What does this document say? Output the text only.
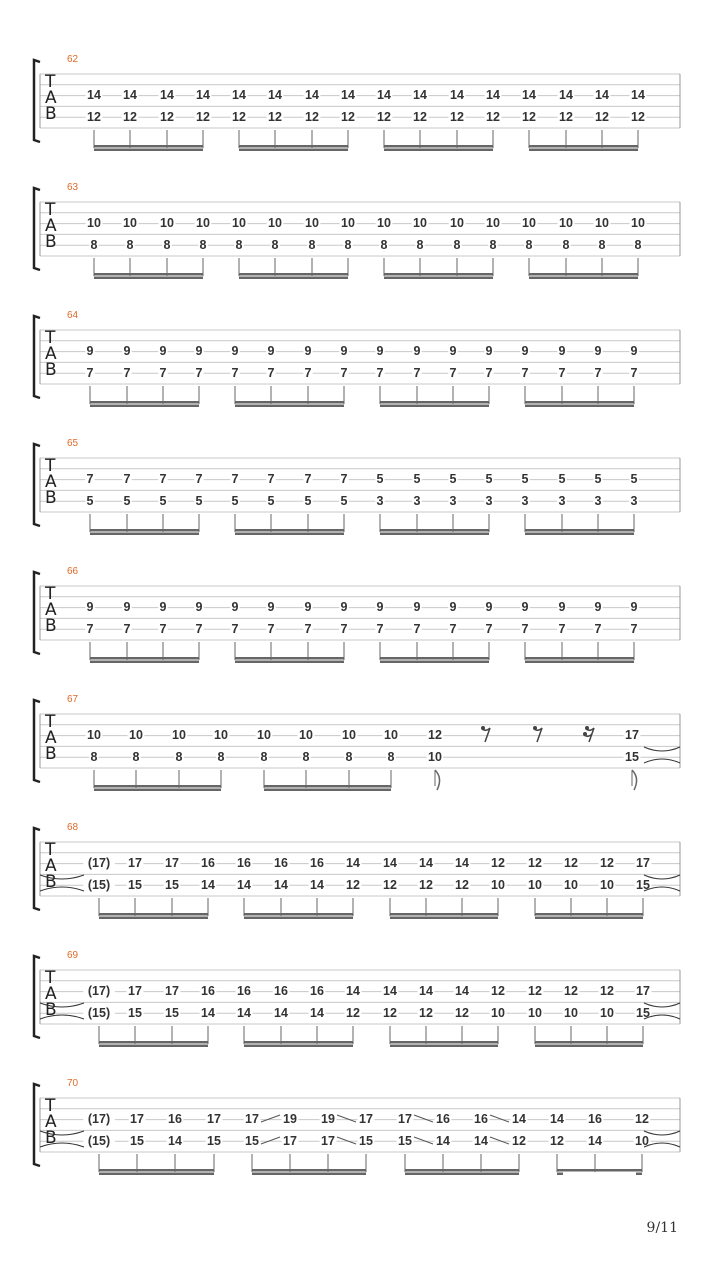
62
T
A
B
14 14 14 14 14 14 14 14 14 14 14 14 14 14 14 14
12 12 12 12 12 12 12 12 12 12 12 12 12 12 12 12
63
T
A
B
10 10 10 10 10 10 10 10 10 10 10 10 10 10 10 10
8 8 8 8 8 8 8 8 8 8 8 8 8 8 8 8
64
T
A
B
9 9 9 9 9 9 9 9 9 9 9 9 9 9 9 9
7 7 7 7 7 7 7 7 7 7 7 7 7 7 7 7
65
T
A
B
7 7 7 7 7 7 7 7 5 5 5 5 5 5 5 5
5 5 5 5 5 5 5 5 3 3 3 3 3 3 3 3
66
T
A
B
9 9 9 9 9 9 9 9 9 9 9 9 9 9 9 9
7 7 7 7 7 7 7 7 7 7 7 7 7 7 7 7
67
T
A
B
10 10 10 10 10 10 10 10 12	17
8	8	8	8	8	8	8	8	10	15
68
T
A
B
(17) 17 17 16 16 16 16 14 14 14 14 12 12 12 12 17
(15) 15 15 14 14 14 14 12 12 12 12 10 10 10 10 15
69
T
A
B
(17) 17 17 16 16 16 16 14 14 14 14 12 12 12 12 17
(15) 15 15 14 14 14 14 12 12 12 12 10 10 10 10 15
70
T
A
B
(17) 17 16 17 17 19 19 17 17 16 16 14 14 16	12
(15) 15 14 15 15 17 17 15 15 14 14 12 12 14	10
9/11
